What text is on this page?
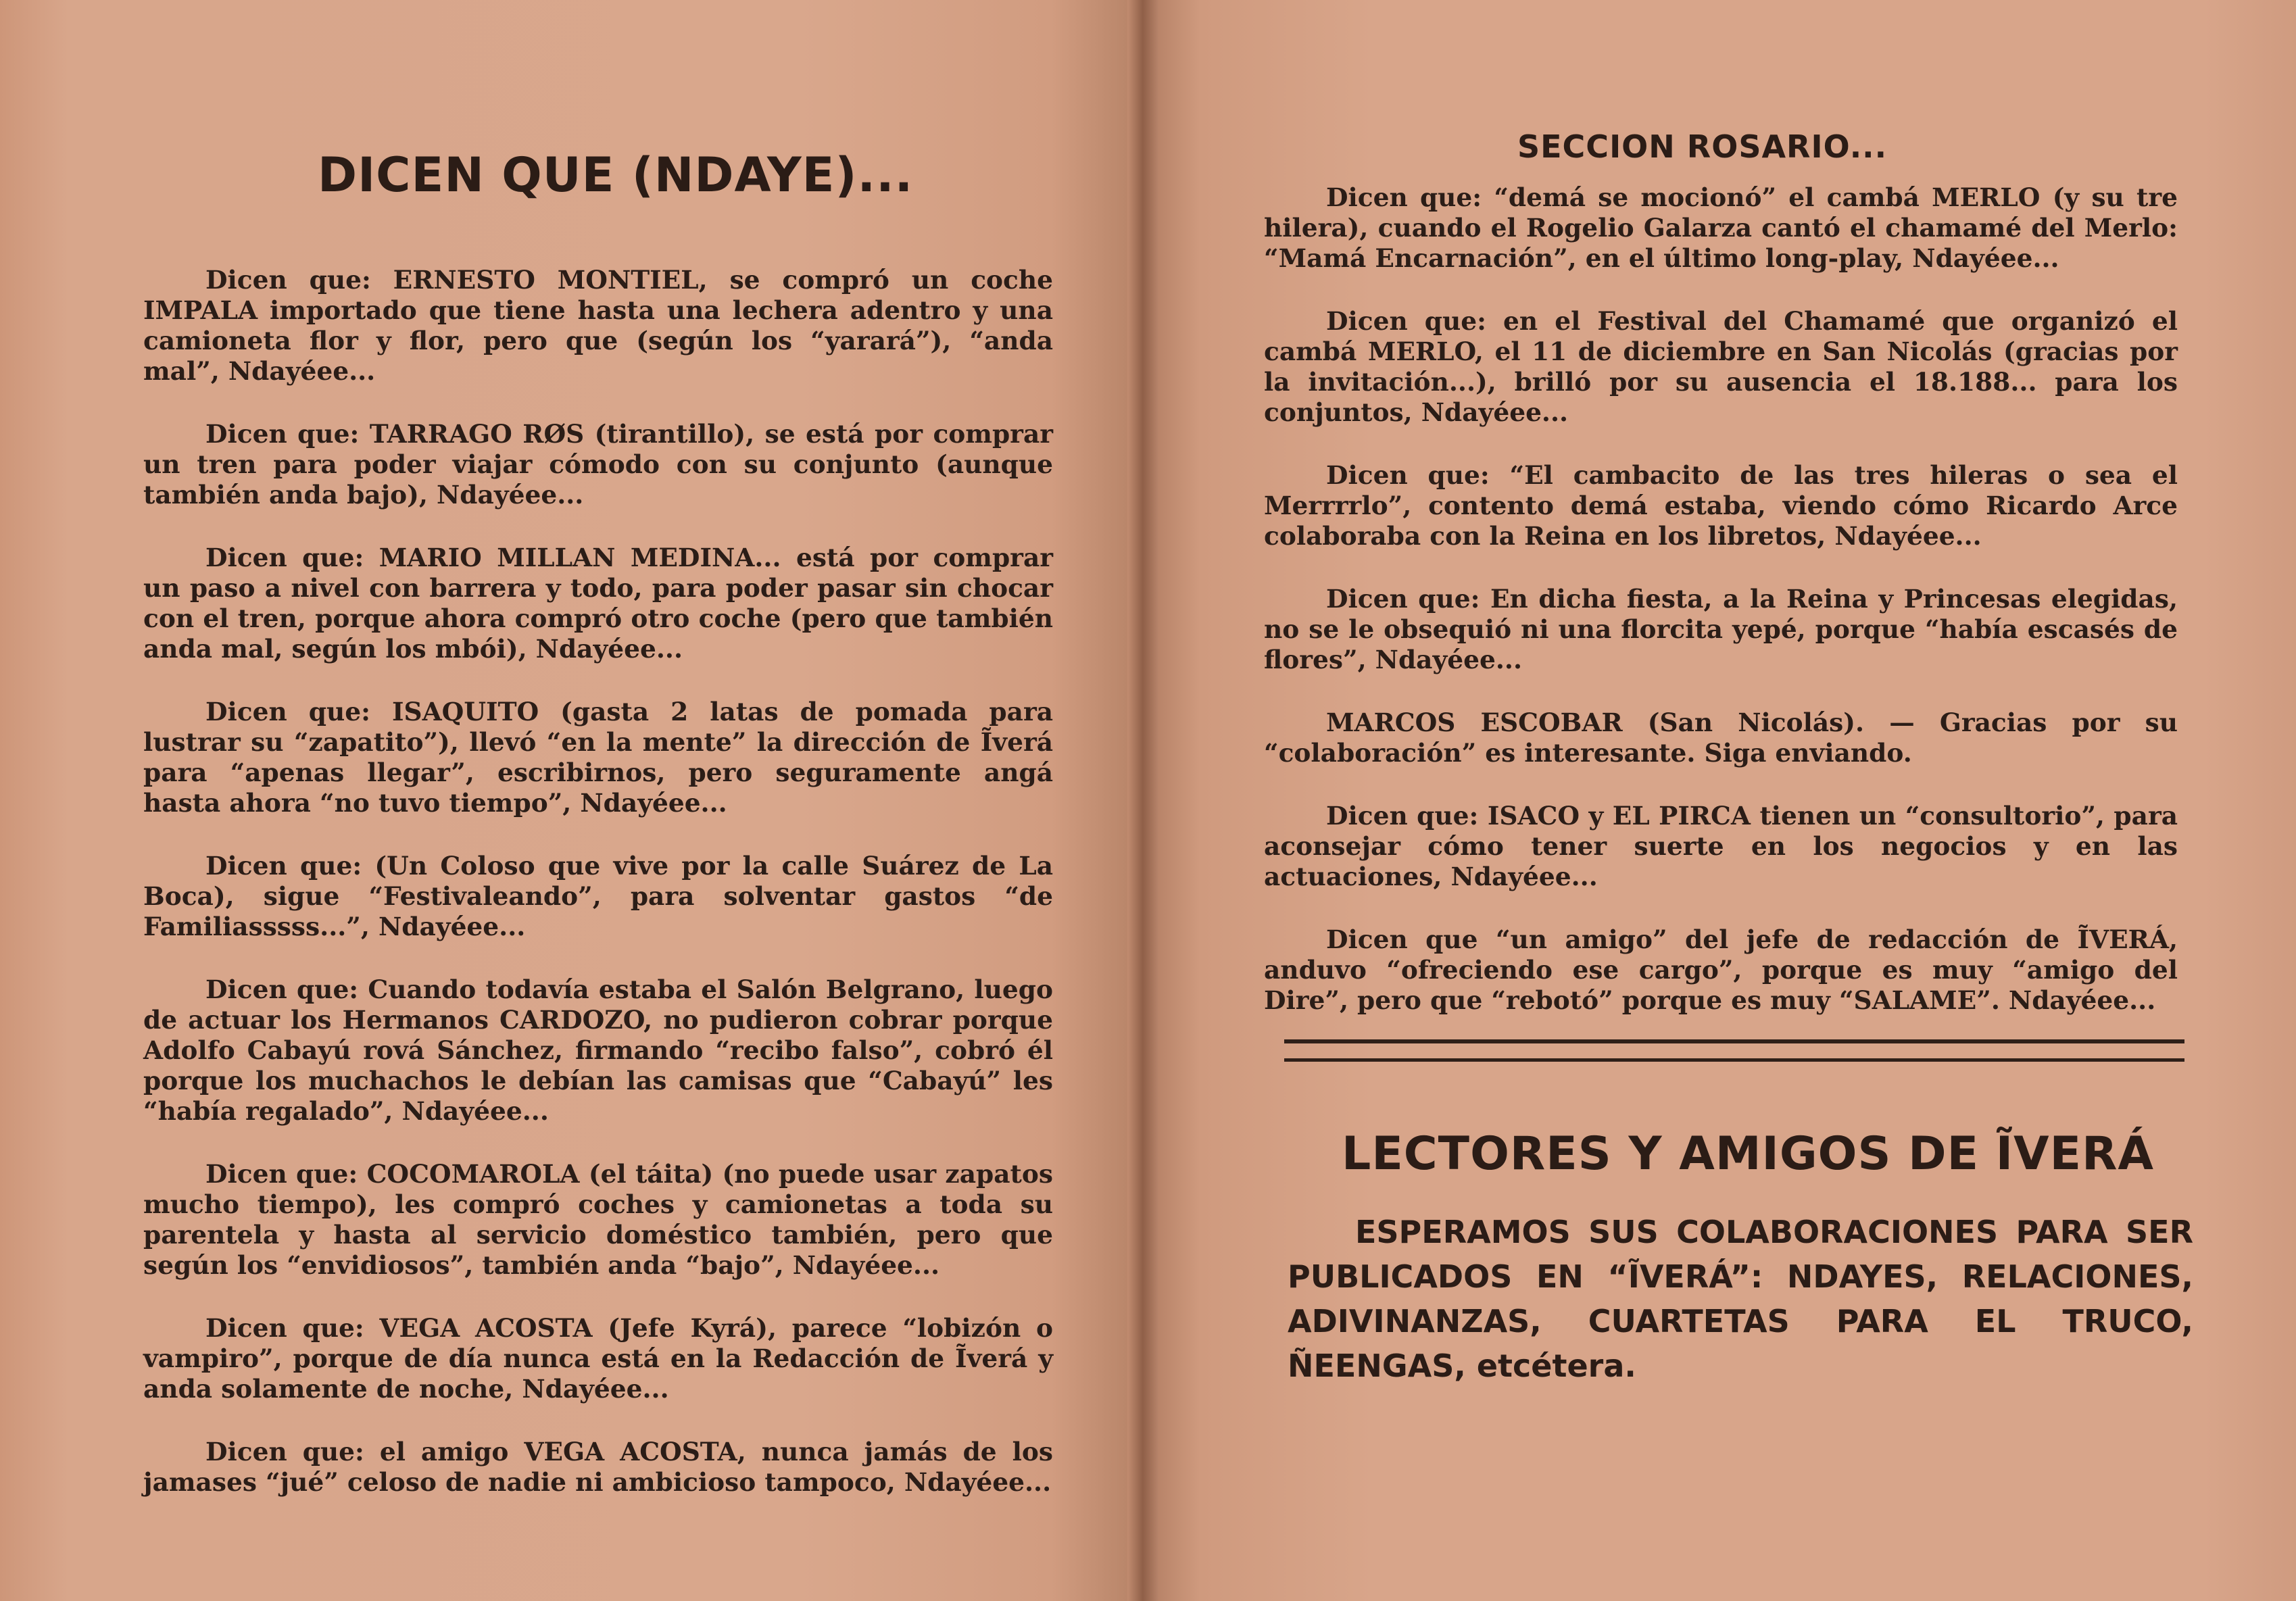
DICEN QUE (NDAYE)...

Dicen que: ERNESTO MONTIEL, se compró un coche IMPALA importado que tiene hasta una lechera adentro y una camioneta flor y flor, pero que (según los “yarará”), “anda mal”, Ndayéee...

Dicen que: TARRAGO RØS (tirantillo), se está por comprar un tren para poder viajar cómodo con su conjunto (aunque también anda bajo), Ndayéee...

Dicen que: MARIO MILLAN MEDINA... está por comprar un paso a nivel con barrera y todo, para poder pasar sin chocar con el tren, porque ahora compró otro coche (pero que también anda mal, según los mbói), Ndayéee...

Dicen que: ISAQUITO (gasta 2 latas de pomada para lustrar su “zapatito”), llevó “en la mente” la dirección de Ĩverá para “apenas llegar”, escribirnos, pero seguramente angá hasta ahora “no tuvo tiempo”, Ndayéee...

Dicen que: (Un Coloso que vive por la calle Suárez de La Boca), sigue “Festivaleando”, para solventar gastos “de Familiasssss...”, Ndayéee...

Dicen que: Cuando todavía estaba el Salón Belgrano, luego de actuar los Hermanos CARDOZO, no pudieron cobrar porque Adolfo Cabayú rová Sánchez, firmando “recibo falso”, cobró él porque los muchachos le debían las camisas que “Cabayú” les “había regalado”, Ndayéee...

Dicen que: COCOMAROLA (el táita) (no puede usar zapatos mucho tiempo), les compró coches y camionetas a toda su parentela y hasta al servicio doméstico también, pero que según los “envidiosos”, también anda “bajo”, Ndayéee...

Dicen que: VEGA ACOSTA (Jefe Kyrá), parece “lobizón o vampiro”, porque de día nunca está en la Redacción de Ĩverá y anda solamente de noche, Ndayéee...

Dicen que: el amigo VEGA ACOSTA, nunca jamás de los jamases “jué” celoso de nadie ni ambicioso tampoco, Ndayéee...

SECCION ROSARIO...

Dicen que: “demá se mocionó” el cambá MERLO (y su tre hilera), cuando el Rogelio Galarza cantó el chamamé del Merlo: “Mamá Encarnación”, en el último long-play, Ndayéee...

Dicen que: en el Festival del Chamamé que organizó el cambá MERLO, el 11 de diciembre en San Nicolás (gracias por la invitación...), brilló por su ausencia el 18.188... para los conjuntos, Ndayéee...

Dicen que: “El cambacito de las tres hileras o sea el Merrrrlo”, contento demá estaba, viendo cómo Ricardo Arce colaboraba con la Reina en los libretos, Ndayéee...

Dicen que: En dicha fiesta, a la Reina y Princesas elegidas, no se le obsequió ni una florcita yepé, porque “había escasés de flores”, Ndayéee...

MARCOS ESCOBAR (San Nicolás). — Gracias por su “colaboración” es interesante. Siga enviando.

Dicen que: ISACO y EL PIRCA tienen un “consultorio”, para aconsejar cómo tener suerte en los negocios y en las actuaciones, Ndayéee...

Dicen que “un amigo” del jefe de redacción de ĨVERÁ, anduvo “ofreciendo ese cargo”, porque es muy “amigo del Dire”, pero que “rebotó” porque es muy “SALAME”. Ndayéee...

LECTORES Y AMIGOS DE ĨVERÁ
ESPERAMOS SUS COLABORACIONES PARA SER PUBLICADOS EN “ĨVERÁ”: NDAYES, RELACIONES, ADIVINANZAS, CUARTETAS PARA EL TRUCO, ÑEENGAS, etcétera.
